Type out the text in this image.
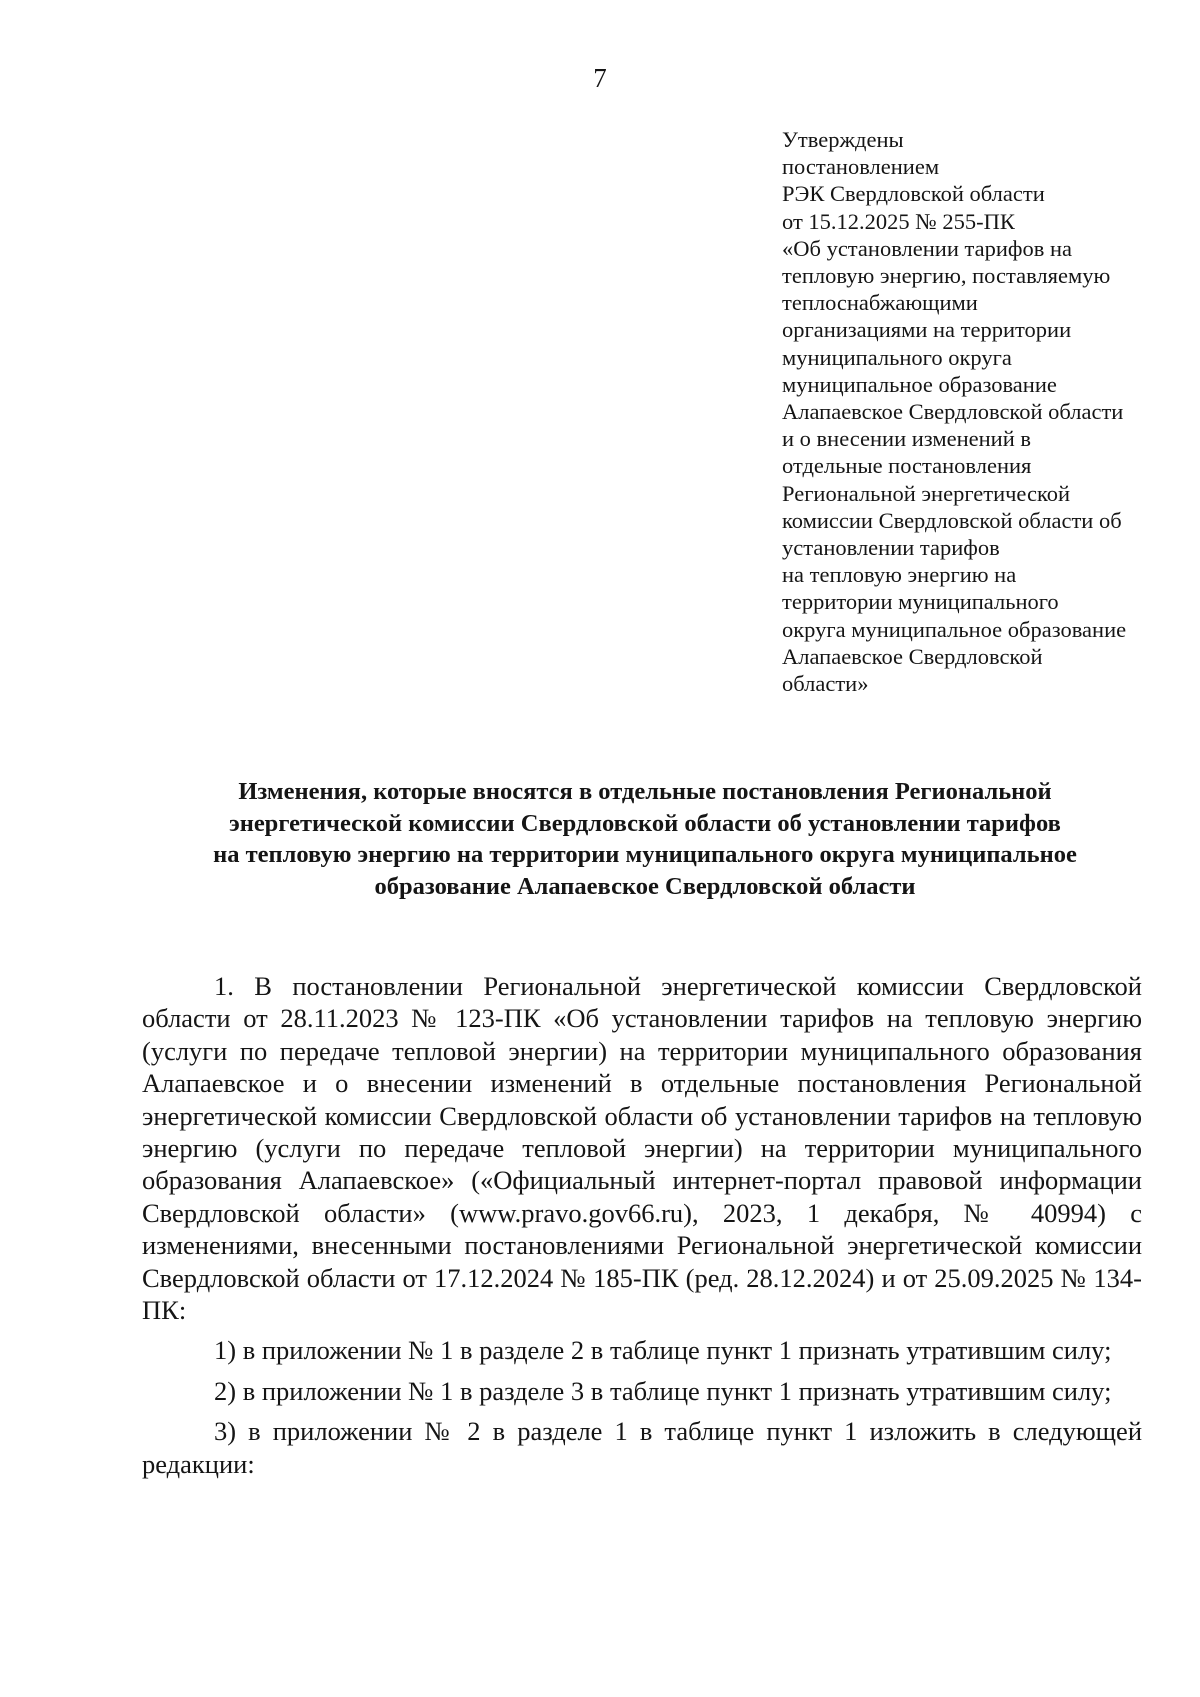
7
Утверждены
постановлением
РЭК Свердловской области
от 15.12.2025 № 255-ПК
«Об установлении тарифов на
тепловую энергию, поставляемую
теплоснабжающими
организациями на территории
муниципального округа
муниципальное образование
Алапаевское Свердловской области
и о внесении изменений в
отдельные постановления
Региональной энергетической
комиссии Свердловской области об
установлении тарифов
на тепловую энергию на
территории муниципального
округа муниципальное образование
Алапаевское Свердловской
области»
Изменения, которые вносятся в отдельные постановления Региональной
энергетической комиссии Свердловской области об установлении тарифов
на тепловую энергию на территории муниципального округа муниципальное
образование Алапаевское Свердловской области

1. В постановлении Региональной энергетической комиссии Свердловской области от 28.11.2023 № 123-ПК «Об установлении тарифов на тепловую энергию (услуги по передаче тепловой энергии) на территории муниципального образования Алапаевское и о внесении изменений в отдельные постановления Региональной энергетической комиссии Свердловской области об установлении тарифов на тепловую энергию (услуги по передаче тепловой энергии) на территории муниципального образования Алапаевское» («Официальный интернет-портал правовой информации Свердловской области» (www.pravo.gov66.ru), 2023, 1 декабря, № 40994) с изменениями, внесенными постановлениями Региональной энергетической комиссии Свердловской области от 17.12.2024 № 185-ПК (ред. 28.12.2024) и от 25.09.2025 № 134-ПК:

1) в приложении № 1 в разделе 2 в таблице пункт 1 признать утратившим силу;

2) в приложении № 1 в разделе 3 в таблице пункт 1 признать утратившим силу;

3) в приложении № 2 в разделе 1 в таблице пункт 1 изложить в следующей редакции:
